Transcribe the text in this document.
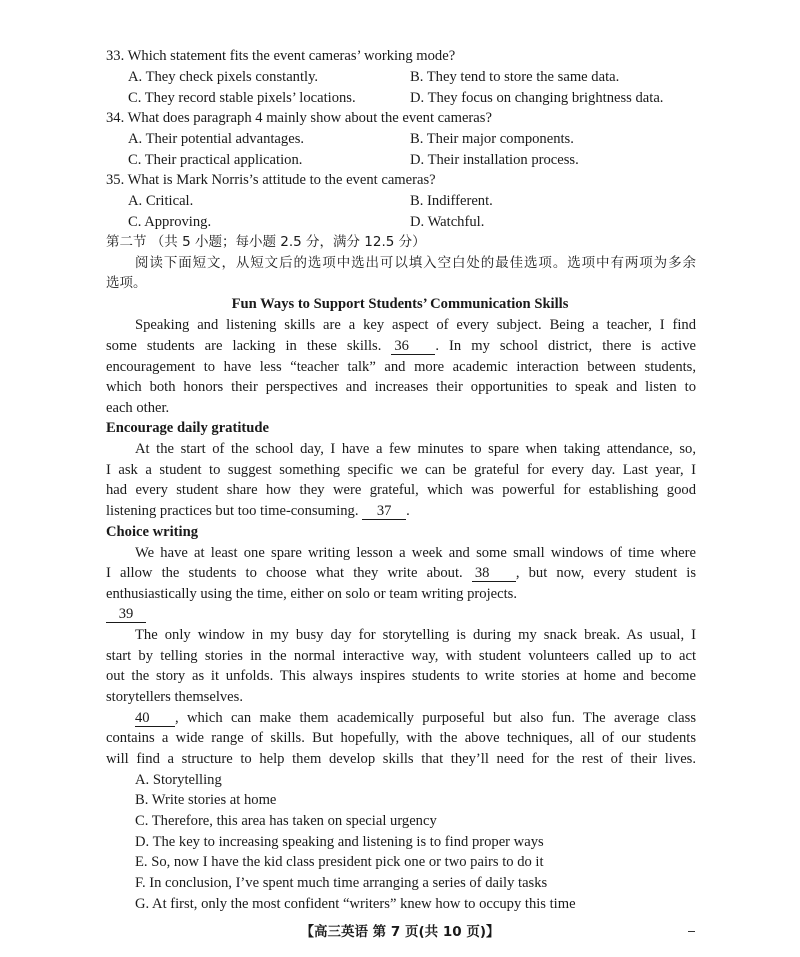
33. Which statement fits the event cameras’ working mode?
A. They check pixels constantly.	B. They tend to store the same data.
C. They record stable pixels’ locations.	D. They focus on changing brightness data.
34. What does paragraph 4 mainly show about the event cameras?
A. Their potential advantages.	B. Their major components.
C. Their practical application.	D. Their installation process.
35. What is Mark Norris’s attitude to the event cameras?
A. Critical.	B. Indifferent.
C. Approving.	D. Watchful.
第二节 （共 5 小题；每小题 2.5 分，满分 12.5 分）
阅读下面短文，从短文后的选项中选出可以填入空白处的最佳选项。选项中有两项为多余
选项。
Fun Ways to Support Students’ Communication Skills
Speaking and listening skills are a key aspect of every subject. Being a teacher, I find
some students are lacking in these skills. 36 . In my school district, there is active
encouragement to have less “teacher talk” and more academic interaction between students,
which both honors their perspectives and increases their opportunities to speak and listen to
each other.
Encourage daily gratitude
At the start of the school day, I have a few minutes to spare when taking attendance, so,
I ask a student to suggest something specific we can be grateful for every day. Last year, I
had every student share how they were grateful, which was powerful for establishing good
listening practices but too time-consuming. 37 .
Choice writing
We have at least one spare writing lesson a week and some small windows of time where
I allow the students to choose what they write about. 38 , but now, every student is
enthusiastically using the time, either on solo or team writing projects.
39
The only window in my busy day for storytelling is during my snack break. As usual, I
start by telling stories in the normal interactive way, with student volunteers called up to act
out the story as it unfolds. This always inspires students to write stories at home and become
storytellers themselves.
40 , which can make them academically purposeful but also fun. The average class
contains a wide range of skills. But hopefully, with the above techniques, all of our students
will find a structure to help them develop skills that they’ll need for the rest of their lives.
A. Storytelling
B. Write stories at home
C. Therefore, this area has taken on special urgency
D. The key to increasing speaking and listening is to find proper ways
E. So, now I have the kid class president pick one or two pairs to do it
F. In conclusion, I’ve spent much time arranging a series of daily tasks
G. At first, only the most confident “writers” knew how to occupy this time
【高三英语 第 7 页(共 10 页)】
